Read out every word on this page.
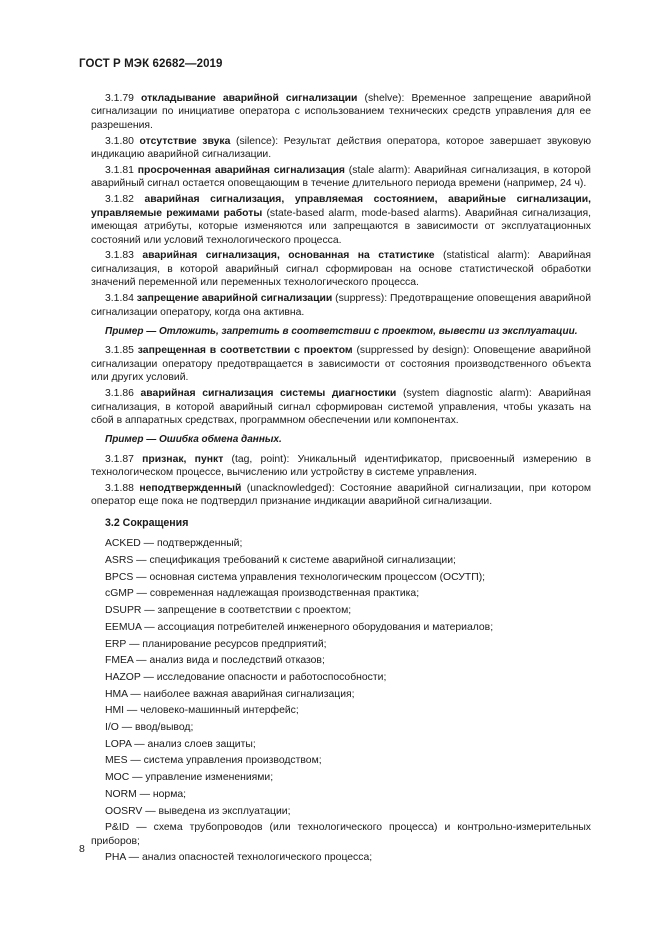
ГОСТ Р МЭК 62682—2019

3.1.79 откладывание аварийной сигнализации (shelve): Временное запрещение аварийной сигнализации по инициативе оператора с использованием технических средств управления для ее разрешения.

3.1.80 отсутствие звука (silence): Результат действия оператора, которое завершает звуковую индикацию аварийной сигнализации.

3.1.81 просроченная аварийная сигнализация (stale alarm): Аварийная сигнализация, в которой аварийный сигнал остается оповещающим в течение длительного периода времени (например, 24 ч).

3.1.82 аварийная сигнализация, управляемая состоянием, аварийные сигнализации, управляемые режимами работы (state-based alarm, mode-based alarms). Аварийная сигнализация, имеющая атрибуты, которые изменяются или запрещаются в зависимости от эксплуатационных состояний или условий технологического процесса.

3.1.83 аварийная сигнализация, основанная на статистике (statistical alarm): Аварийная сигнализация, в которой аварийный сигнал сформирован на основе статистической обработки значений переменной или переменных технологического процесса.

3.1.84 запрещение аварийной сигнализации (suppress): Предотвращение оповещения аварийной сигнализации оператору, когда она активна.

Пример — Отложить, запретить в соответствии с проектом, вывести из эксплуатации.

3.1.85 запрещенная в соответствии с проектом (suppressed by design): Оповещение аварийной сигнализации оператору предотвращается в зависимости от состояния производственного объекта или других условий.

3.1.86 аварийная сигнализация системы диагностики (system diagnostic alarm): Аварийная сигнализация, в которой аварийный сигнал сформирован системой управления, чтобы указать на сбой в аппаратных средствах, программном обеспечении или компонентах.

Пример — Ошибка обмена данных.

3.1.87 признак, пункт (tag, point): Уникальный идентификатор, присвоенный измерению в технологическом процессе, вычислению или устройству в системе управления.

3.1.88 неподтвержденный (unacknowledged): Состояние аварийной сигнализации, при котором оператор еще пока не подтвердил признание индикации аварийной сигнализации.

3.2 Сокращения
ACKED — подтвержденный;
ASRS — спецификация требований к системе аварийной сигнализации;
BPCS — основная система управления технологическим процессом (ОСУТП);
cGMP — современная надлежащая производственная практика;
DSUPR — запрещение в соответствии с проектом;
EEMUA — ассоциация потребителей инженерного оборудования и материалов;
ERP — планирование ресурсов предприятий;
FMEA — анализ вида и последствий отказов;
HAZOP — исследование опасности и работоспособности;
HMA — наиболее важная аварийная сигнализация;
HMI — человеко-машинный интерфейс;
I/O — ввод/вывод;
LOPA — анализ слоев защиты;
MES — система управления производством;
MOC — управление изменениями;
NORM — норма;
OOSRV — выведена из эксплуатации;
P&ID — схема трубопроводов (или технологического процесса) и контрольно-измерительных приборов;
PHA — анализ опасностей технологического процесса;
8
